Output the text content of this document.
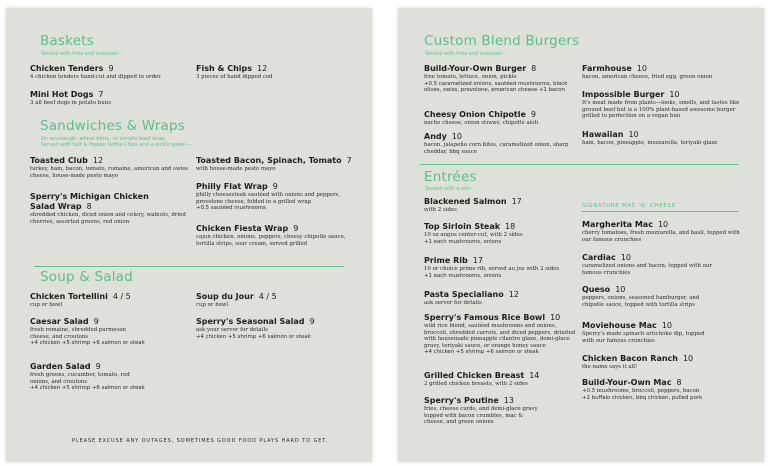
Baskets
Served with fries and coleslaw—
Chicken Tenders 9
4 chicken tenders hand-cut and dipped to order
Mini Hot Dogs 7
3 all beef dogs in potato buns
Fish & Chips 12
3 pieces of hand dipped cod
Sandwiches & Wraps
On sourdough, wheat berry, or tomato basil wrap.
Served with Salt & Pepper Kettle Chips and a pickle spear—
Toasted Club 12
turkey, ham, bacon, tomato, romaine, american and swiss cheese, house-made pesto mayo
Sperry's Michigan Chicken Salad Wrap 8
shredded chicken, diced onion and celery, walnuts, dried cherries, assorted greens, red onion
Toasted Bacon, Spinach, Tomato 7
with house-made pesto mayo
Philly Flat Wrap 9
philly cheesesteak sautéed with onions and peppers, provolone cheese, folded in a grilled wrap
+0.5 sautéed mushrooms
Chicken Fiesta Wrap 9
cajun chicken, onions, peppers, cheesy chipotle sauce, tortilla strips, sour cream, served grilled
Soup & Salad
Chicken Tortellini 4 / 5
cup or bowl
Caesar Salad 9
fresh romaine, shredded parmesan cheese, and croutons
+4 chicken +5 shrimp +6 salmon or steak
Garden Salad 9
fresh greens, cucumber, tomato, red onions, and croutons
+4 chicken +5 shrimp +6 salmon or steak
Soup du Jour 4 / 5
cup or bowl
Sperry's Seasonal Salad 9
ask your server for details
+4 chicken +5 shrimp +6 salmon or steak
PLEASE EXCUSE ANY OUTAGES, SOMETIMES GOOD FOOD PLAYS HARD TO GET.
Custom Blend Burgers
Served with fries and coleslaw—
Build-Your-Own Burger 8
free tomato, lettuce, onion, pickle
+0.5 caramelized onions, sautéed mushrooms, black olives, swiss, provolone, american cheese +1 bacon
Cheesy Onion Chipotle 9
nacho cheese, onion straws, chipotle aioli
Andy 10
bacon, jalapeño corn bites, caramelized onion, sharp cheddar, bbq sauce
Farmhouse 10
bacon, american cheese, fried egg, green onion
Impossible Burger 10
It's meat made from plants—looks, smells, and tastes like ground beef but is a 100% plant-based awesome burger grilled to perfection on a vegan bun
Hawaiian 10
ham, bacon, pineapple, mozzarella, teriyaki glaze
Entrées
Served with a roll—
Blackened Salmon 17
with 2 sides
Top Sirloin Steak 18
10 oz angus center-cut, with 2 sides
+1 each mushrooms, onions
Prime Rib 17
10 or choice prime rib, served au jus with 2 sides
+1 each mushrooms, onions
Pasta Specialiano 12
ask server for details
Sperry's Famous Rice Bowl 10
wild rice blend, sautéed mushrooms and onions, broccoli, shredded carrots, and diced peppers, drizzled with housemade pineapple cilantro glaze, demi-glace gravy, teriyaki sauce, or orange honey sauce
+4 chicken +5 shrimp +6 salmon or steak
Grilled Chicken Breast 14
2 grilled chicken breasts, with 2 sides
Sperry's Poutine 13
fries, cheese curds, and demi-glace gravy topped with bacon crumbles, mac & cheese, and green onions
SIGNATURE MAC 'N' CHEESE
Margherita Mac 10
cherry tomatoes, fresh mozzarella, and basil, topped with our famous crunchies
Cardiac 10
caramelized onions and bacon, topped with our famous crunchies
Queso 10
peppers, onions, seasoned hamburger, and chipotle sauce, topped with tortilla strips
Moviehouse Mac 10
Sperry's made spinach artichoke dip, topped with our famous crunchies
Chicken Bacon Ranch 10
the name says it all!
Build-Your-Own Mac 8
+0.5 mushrooms, broccoli, peppers, bacon
+2 buffalo chicken, bbq chicken, pulled pork
